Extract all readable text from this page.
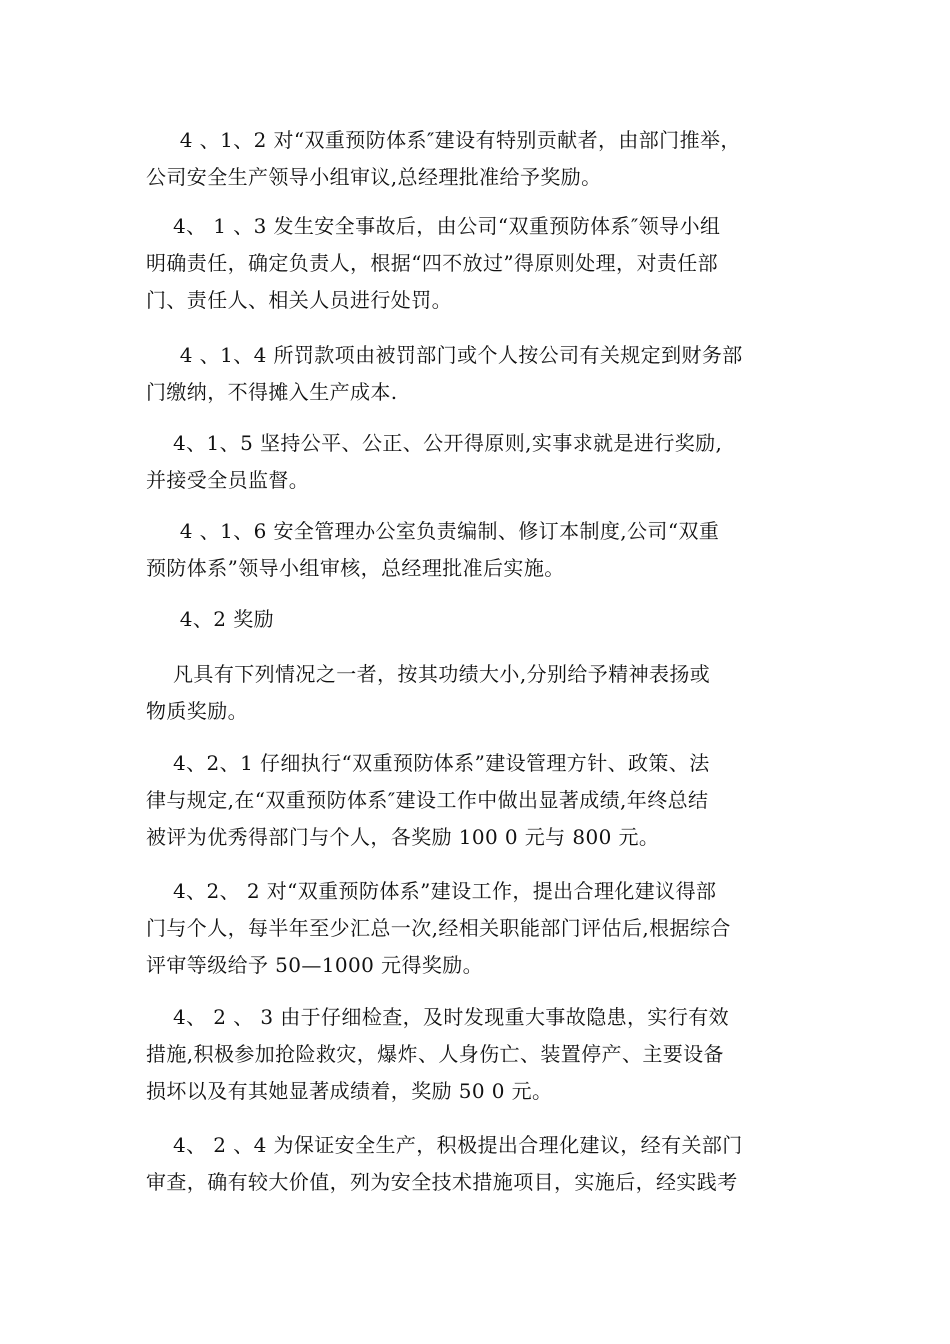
4 、1、2 对“双重预防体系″建设有特别贡献者，由部门推举，
公司安全生产领导小组审议,总经理批准给予奖励。

4、 1 、3 发生安全事故后，由公司“双重预防体系″领导小组
明确责任，确定负责人，根据“四不放过”得原则处理，对责任部
门、责任人、相关人员进行处罚。

4 、1、4 所罚款项由被罚部门或个人按公司有关规定到财务部
门缴纳，不得摊入生产成本.

4、1、5 坚持公平、公正、公开得原则,实事求就是进行奖励,
并接受全员监督。

4 、1、6 安全管理办公室负责编制、修订本制度,公司“双重
预防体系”领导小组审核，总经理批准后实施。

4、2 奖励

凡具有下列情况之一者，按其功绩大小,分别给予精神表扬或
物质奖励。

4、2、1 仔细执行“双重预防体系”建设管理方针、政策、法
律与规定,在“双重预防体系″建设工作中做出显著成绩,年终总结
被评为优秀得部门与个人，各奖励 100 0 元与 800 元。

4、2、 2 对“双重预防体系”建设工作，提出合理化建议得部
门与个人，每半年至少汇总一次,经相关职能部门评估后,根据综合
评审等级给予 50—1000 元得奖励。

4、 2 、 3 由于仔细检查，及时发现重大事故隐患，实行有效
措施,积极参加抢险救灾，爆炸、人身伤亡、装置停产、主要设备
损坏以及有其她显著成绩着，奖励 50 0 元。

4、 2 、4 为保证安全生产，积极提出合理化建议，经有关部门
审查，确有较大价值，列为安全技术措施项目，实施后，经实践考
